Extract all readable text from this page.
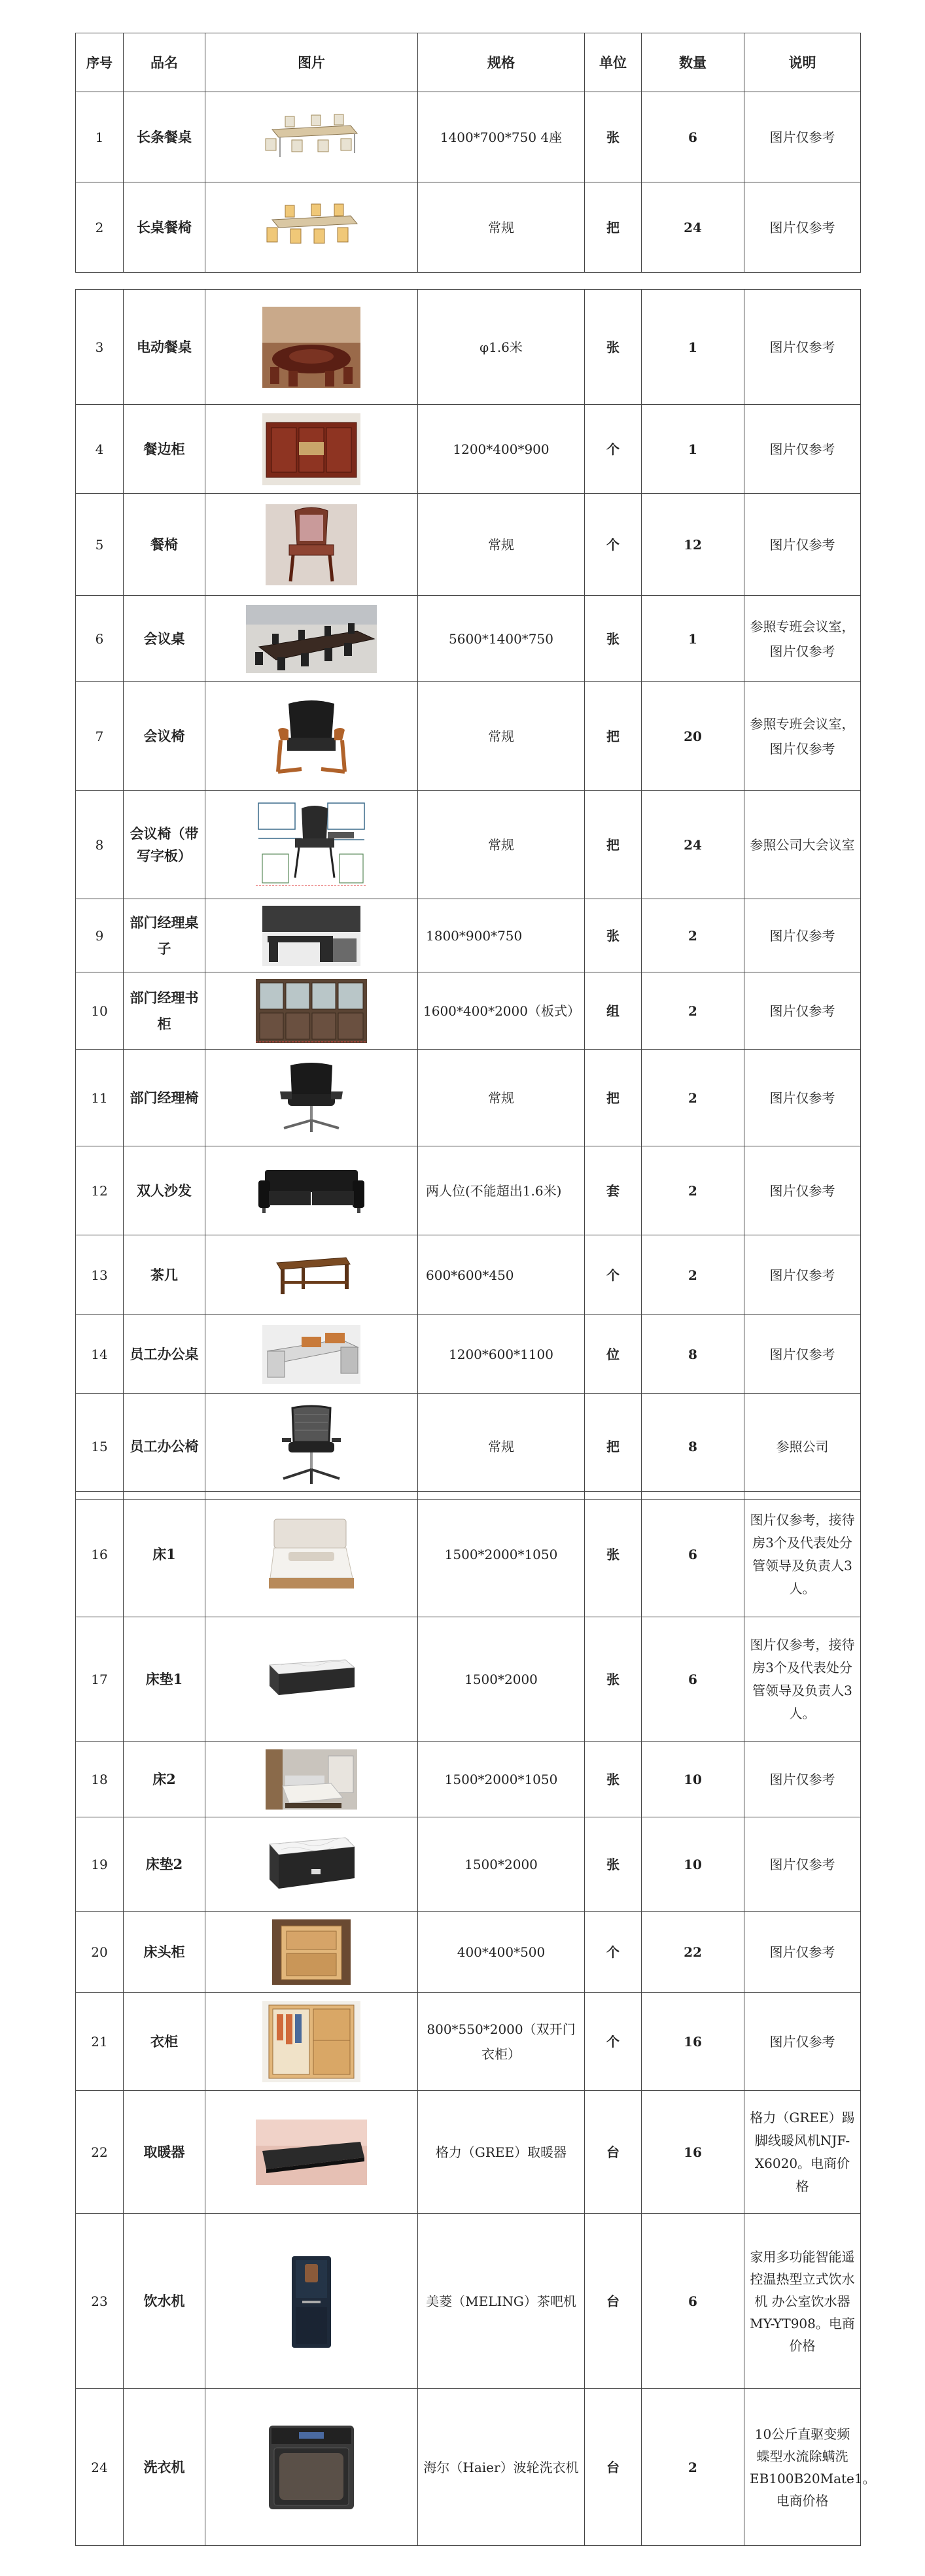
序号	品名	图片	规格	单位	数量	说明
1	长条餐桌		1400*700*750 4座	张	6	图片仅参考
2	长桌餐椅		常规	把	24	图片仅参考
3	电动餐桌		φ1.6米	张	1	图片仅参考
4	餐边柜		1200*400*900	个	1	图片仅参考
5	餐椅		常规	个	12	图片仅参考
6	会议桌		5600*1400*750	张	1	参照专班会议室，图片仅参考
7	会议椅		常规	把	20	参照专班会议室，图片仅参考
8	会议椅（带写字板）		常规	把	24	参照公司大会议室
9	部门经理桌子		1800*900*750	张	2	图片仅参考
10	部门经理书柜		1600*400*2000（板式）	组	2	图片仅参考
11	部门经理椅		常规	把	2	图片仅参考
12	双人沙发		两人位(不能超出1.6米)	套	2	图片仅参考
13	茶几		600*600*450	个	2	图片仅参考
14	员工办公桌		1200*600*1100	位	8	图片仅参考
15	员工办公椅		常规	把	8	参照公司
16	床1		1500*2000*1050	张	6	图片仅参考，接待房3个及代表处分管领导及负责人3人。
17	床垫1		1500*2000	张	6	图片仅参考，接待房3个及代表处分管领导及负责人3人。
18	床2		1500*2000*1050	张	10	图片仅参考
19	床垫2		1500*2000	张	10	图片仅参考
20	床头柜		400*400*500	个	22	图片仅参考
21	衣柜		800*550*2000（双开门衣柜）	个	16	图片仅参考
22	取暖器		格力（GREE）取暖器	台	16	格力（GREE）踢脚线暖风机NJF-X6020。电商价格
23	饮水机		美菱（MELING）茶吧机	台	6	家用多功能智能遥控温热型立式饮水机 办公室饮水器MY-YT908。电商价格
24	洗衣机		海尔（Haier）波轮洗衣机	台	2	10公斤直驱变频 蝶型水流除螨洗EB100B20Mate1。电商价格
